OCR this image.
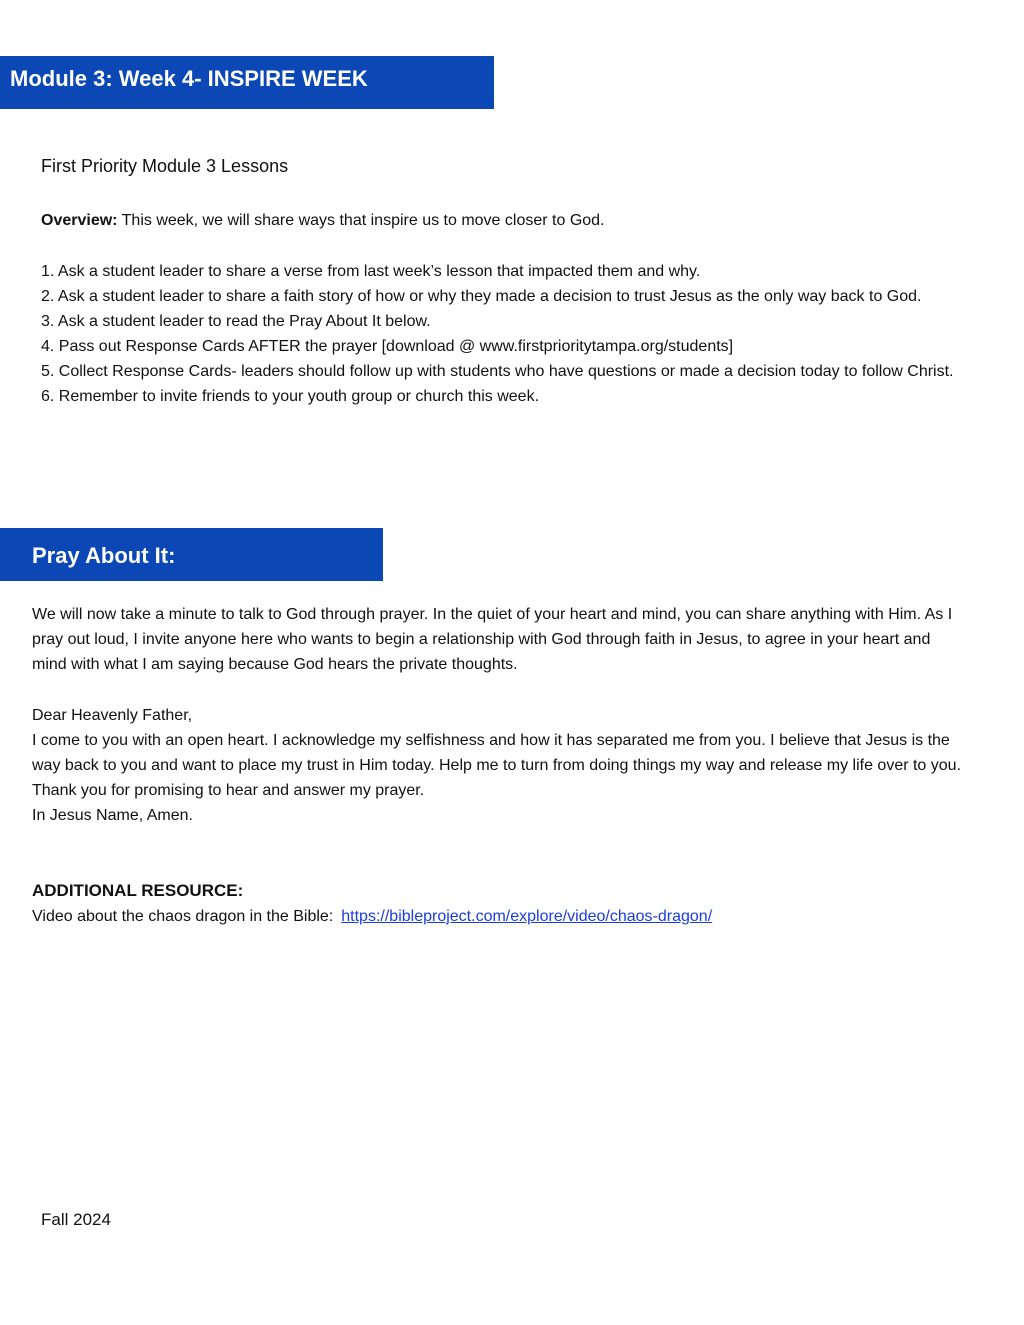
Module 3: Week 4- INSPIRE WEEK

First Priority Module 3 Lessons

Overview: This week, we will share ways that inspire us to move closer to God.

1. Ask a student leader to share a verse from last week’s lesson that impacted them and why.
2. Ask a student leader to share a faith story of how or why they made a decision to trust Jesus as the only way back to God.
3. Ask a student leader to read the Pray About It below.
4. Pass out Response Cards AFTER the prayer [download @ www.firstprioritytampa.org/students]
5. Collect Response Cards- leaders should follow up with students who have questions or made a decision today to follow Christ.
6. Remember to invite friends to your youth group or church this week.
Pray About It:

We will now take a minute to talk to God through prayer. In the quiet of your heart and mind, you can share anything with Him. As I pray out loud, I invite anyone here who wants to begin a relationship with God through faith in Jesus, to agree in your heart and mind with what I am saying because God hears the private thoughts.

Dear Heavenly Father,
I come to you with an open heart. I acknowledge my selfishness and how it has separated me from you. I believe that Jesus is the way back to you and want to place my trust in Him today. Help me to turn from doing things my way and release my life over to you. Thank you for promising to hear and answer my prayer.
In Jesus Name, Amen.

ADDITIONAL RESOURCE:

Video about the chaos dragon in the Bible: https://bibleproject.com/explore/video/chaos-dragon/

Fall 2024
